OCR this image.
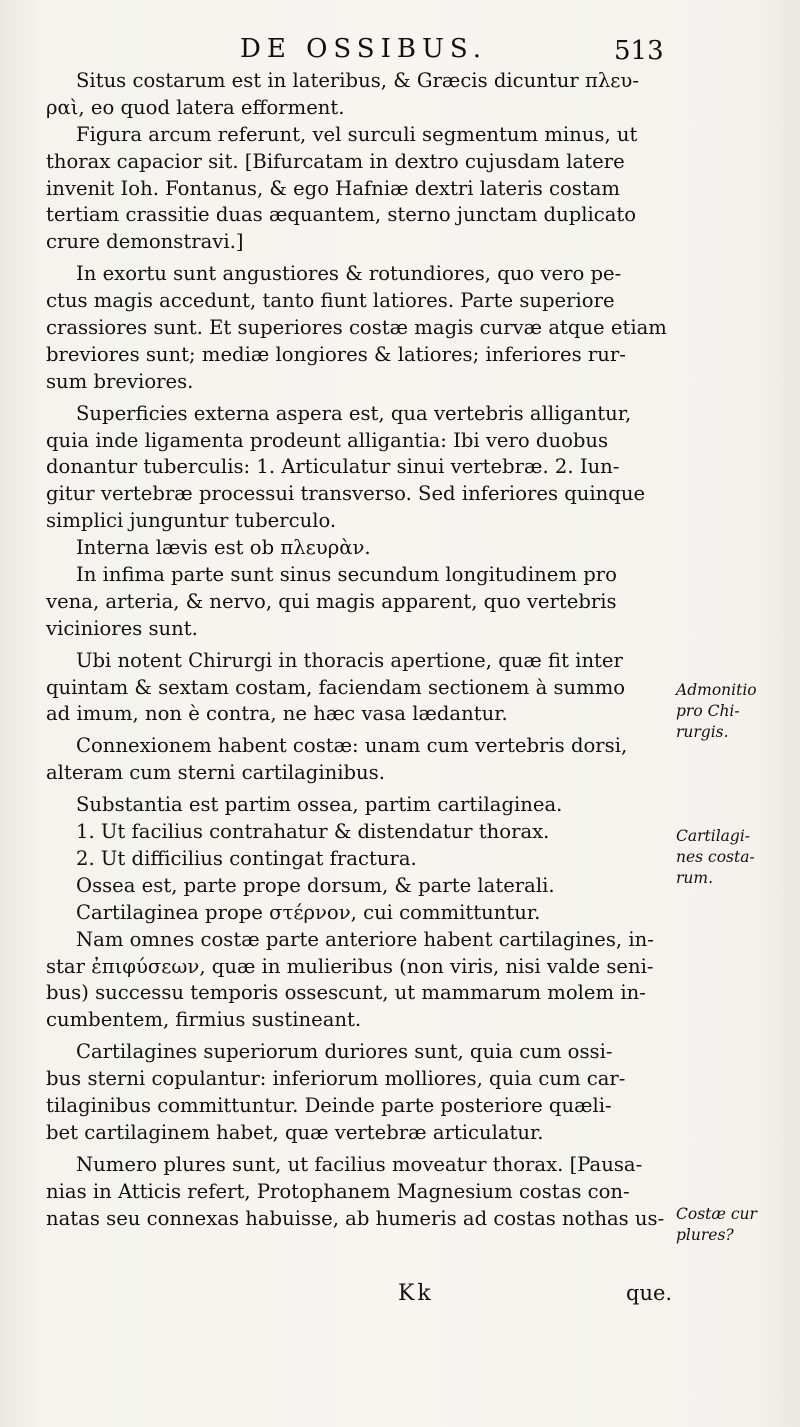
DE OSSIBUS.	513
Situs costarum est in lateribus, & Græcis dicuntur πλευ-
ραὶ, eo quod latera efforment.
Figura arcum referunt, vel surculi segmentum minus, ut
thorax capacior sit. [Bifurcatam in dextro cujusdam latere
invenit Ioh. Fontanus, & ego Hafniæ dextri lateris costam
tertiam crassitie duas æquantem, sterno junctam duplicato
crure demonstravi.]
In exortu sunt angustiores & rotundiores, quo vero pe-
ctus magis accedunt, tanto fiunt latiores. Parte superiore
crassiores sunt. Et superiores costæ magis curvæ atque etiam
breviores sunt; mediæ longiores & latiores; inferiores rur-
sum breviores.
Superficies externa aspera est, qua vertebris alligantur,
quia inde ligamenta prodeunt alligantia: Ibi vero duobus
donantur tuberculis: 1. Articulatur sinui vertebræ. 2. Iun-
gitur vertebræ processui transverso. Sed inferiores quinque
simplici junguntur tuberculo.
Interna lævis est ob πλευρὰν.
In infima parte sunt sinus secundum longitudinem pro
vena, arteria, & nervo, qui magis apparent, quo vertebris
viciniores sunt.
Ubi notent Chirurgi in thoracis apertione, quæ fit inter
quintam & sextam costam, faciendam sectionem à summo
ad imum, non è contra, ne hæc vasa lædantur.
Connexionem habent costæ: unam cum vertebris dorsi,
alteram cum sterni cartilaginibus.
Substantia est partim ossea, partim cartilaginea.
1. Ut facilius contrahatur & distendatur thorax.
2. Ut difficilius contingat fractura.
Ossea est, parte prope dorsum, & parte laterali.
Cartilaginea prope στέρνον, cui committuntur.
Nam omnes costæ parte anteriore habent cartilagines, in-
star ἐπιφύσεων, quæ in mulieribus (non viris, nisi valde seni-
bus) successu temporis ossescunt, ut mammarum molem in-
cumbentem, firmius sustineant.
Cartilagines superiorum duriores sunt, quia cum ossi-
bus sterni copulantur: inferiorum molliores, quia cum car-
tilaginibus committuntur. Deinde parte posteriore quæli-
bet cartilaginem habet, quæ vertebræ articulatur.
Numero plures sunt, ut facilius moveatur thorax. [Pausa-
nias in Atticis refert, Protophanem Magnesium costas con-
natas seu connexas habuisse, ab humeris ad costas nothas us-
Admonitio
pro Chi-
rurgis.
Cartilagi-
nes costa-
rum.
Costæ cur
plures?
Kk	que.
